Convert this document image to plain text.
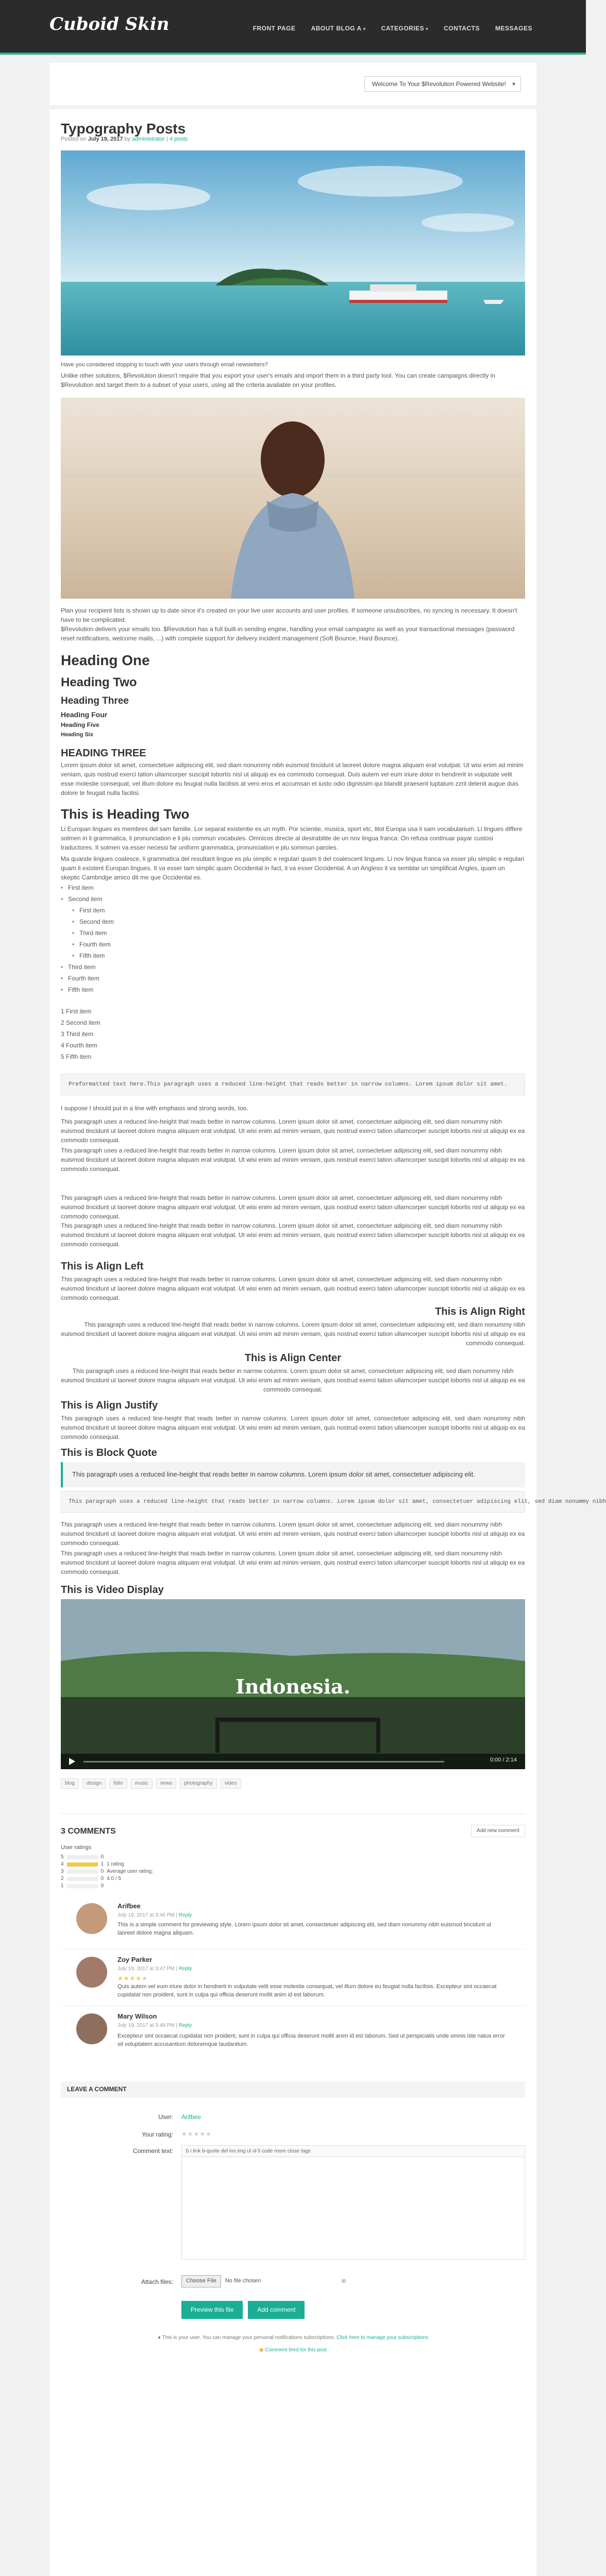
Cuboid Skin	FRONT PAGE	ABOUT BLOG A ▾	CATEGORIES ▾	CONTACTS	MESSAGES
Welcome To Your $Revolution Powered Website! ▾
Typography Posts
Posted on July 19, 2017 by administrator | 4 posts
Have you considered stopping to touch with your users through email newsletters?
Unlike other solutions, $Revolution doesn't require that you export your user's emails and import them in a third party tool. You can create campaigns directly in $Revolution and target them to a subset of your users, using all the criteria available on your profiles.
Plan your recipient lists is shown up to date since it's created on your live user accounts and user profiles. If someone unsubscribes, no syncing is necessary. It doesn't have to be complicated.
$Revolution delivers your emails too. $Revolution has a full built-in sending engine, handling your email campaigns as well as your transactional messages (password reset notifications, welcome mails, ...) with complete support for delivery incident management (Soft Bounce, Hard Bounce).
Heading One
Heading Two
Heading Three
Heading Four
Heading Five
Heading Six
HEADING THREE
Lorem ipsum dolor sit amet, consectetuer adipiscing elit, sed diam nonummy nibh euismod tincidunt ut laoreet dolore magna aliquam erat volutpat. Ut wisi enim ad minim veniam, quis nostrud exerci tation ullamcorper suscipit lobortis nisl ut aliquip ex ea commodo consequat. Duis autem vel eum iriure dolor in hendrerit in vulputate velit esse molestie consequat, vel illum dolore eu feugiat nulla facilisis at vero eros et accumsan et iusto odio dignissim qui blandit praesent luptatum zzril delenit augue duis dolore te feugait nulla facilisi.
This is Heading Two
Li Europan lingues es membres del sam familie. Lor separat existentie es un myth. Por scientie, musica, sport etc, litot Europa usa li sam vocabularium. Li lingues differe solmen in li grammatica, li pronunciation e li plu commun vocabules. Omnicos directe al desirabilite de un nov lingua franca: On refusa continuar payar custosi traductores. It solmen va esser necessi far uniform grammatica, pronunciation e plu sommun paroles.
Ma quande lingues coalesce, li grammatica del resultant lingue es plu simplic e regulari quam ti del coalescent lingues. Li nov lingua franca va esser plu simplic e regulari quam li existent Europan lingues. It va esser tam simplic quam Occidental in fact, it va esser Occidental. A un Angleso it va semblar un simplificat Angles, quam un skeptic Cambridge amico dit me que Occidental es.
• First item
• Second item
• First item
• Second item
• Third item
• Fourth item
• Fifth item
• Third item
• Fourth item
• Fifth item
1 First item
2 Second item
3 Third item
4 Fourth item
5 Fifth item
Preformatted text here.This paragraph uses a reduced line-height that reads better in narrow columns. Lorem ipsum dolor sit amet.
I suppose I should put in a line with emphasis and strong words, too.
This paragraph uses a reduced line-height that reads better in narrow columns. Lorem ipsum dolor sit amet, consectetuer adipiscing elit, sed diam nonummy nibh euismod tincidunt ut laoreet dolore magna aliquam erat volutpat. Ut wisi enim ad minim veniam, quis nostrud exerci tation ullamcorper suscipit lobortis nisl ut aliquip ex ea commodo consequat.
This paragraph uses a reduced line-height that reads better in narrow columns. Lorem ipsum dolor sit amet, consectetuer adipiscing elit, sed diam nonummy nibh euismod tincidunt ut laoreet dolore magna aliquam erat volutpat. Ut wisi enim ad minim veniam, quis nostrud exerci tation ullamcorper suscipit lobortis nisl ut aliquip ex ea commodo consequat.
This paragraph uses a reduced line-height that reads better in narrow columns. Lorem ipsum dolor sit amet, consectetuer adipiscing elit, sed diam nonummy nibh euismod tincidunt ut laoreet dolore magna aliquam erat volutpat. Ut wisi enim ad minim veniam, quis nostrud exerci tation ullamcorper suscipit lobortis nisl ut aliquip ex ea commodo consequat.
This paragraph uses a reduced line-height that reads better in narrow columns. Lorem ipsum dolor sit amet, consectetuer adipiscing elit, sed diam nonummy nibh euismod tincidunt ut laoreet dolore magna aliquam erat volutpat. Ut wisi enim ad minim veniam, quis nostrud exerci tation ullamcorper suscipit lobortis nisl ut aliquip ex ea commodo consequat.
This is Align Left
This paragraph uses a reduced line-height that reads better in narrow columns. Lorem ipsum dolor sit amet, consectetuer adipiscing elit, sed diam nonummy nibh euismod tincidunt ut laoreet dolore magna aliquam erat volutpat. Ut wisi enim ad minim veniam, quis nostrud exerci tation ullamcorper suscipit lobortis nisl ut aliquip ex ea commodo consequat.
This is Align Right
This paragraph uses a reduced line-height that reads better in narrow columns. Lorem ipsum dolor sit amet, consectetuer adipiscing elit, sed diam nonummy nibh euismod tincidunt ut laoreet dolore magna aliquam erat volutpat. Ut wisi enim ad minim veniam, quis nostrud exerci tation ullamcorper suscipit lobortis nisl ut aliquip ex ea commodo consequat.
This is Align Center
This paragraph uses a reduced line-height that reads better in narrow columns. Lorem ipsum dolor sit amet, consectetuer adipiscing elit, sed diam nonummy nibh euismod tincidunt ut laoreet dolore magna aliquam erat volutpat. Ut wisi enim ad minim veniam, quis nostrud exerci tation ullamcorper suscipit lobortis nisl ut aliquip ex ea commodo consequat.
This is Align Justify
This paragraph uses a reduced line-height that reads better in narrow columns. Lorem ipsum dolor sit amet, consectetuer adipiscing elit, sed diam nonummy nibh euismod tincidunt ut laoreet dolore magna aliquam erat volutpat. Ut wisi enim ad minim veniam, quis nostrud exerci tation ullamcorper suscipit lobortis nisl ut aliquip ex ea commodo consequat.
This is Block Quote
This paragraph uses a reduced line-height that reads better in narrow columns. Lorem ipsum dolor sit amet, consectetuer adipiscing elit.
This paragraph uses a reduced line-height that reads better in narrow columns. Lorem ipsum dolor sit amet, consectetuer adipiscing elit, sed diam nonummy nibh
This paragraph uses a reduced line-height that reads better in narrow columns. Lorem ipsum dolor sit amet, consectetuer adipiscing elit, sed diam nonummy nibh euismod tincidunt ut laoreet dolore magna aliquam erat volutpat. Ut wisi enim ad minim veniam, quis nostrud exerci tation ullamcorper suscipit lobortis nisl ut aliquip ex ea commodo consequat.
This paragraph uses a reduced line-height that reads better in narrow columns. Lorem ipsum dolor sit amet, consectetuer adipiscing elit, sed diam nonummy nibh euismod tincidunt ut laoreet dolore magna aliquam erat volutpat. Ut wisi enim ad minim veniam, quis nostrud exerci tation ullamcorper suscipit lobortis nisl ut aliquip ex ea commodo consequat.
This is Video Display
Indonesia.
0:00 / 2:14
blog	design	folio	music	news	photography	video
3 COMMENTS	Add new comment
User ratings
5	0
4	1 1 rating
3	0 Average user rating:
2	0 4.0 / 5
1	0
Arifbee
July 19, 2017 at 3:46 PM | Reply
This is a simple comment for previewing style. Lorem ipsum dolor sit amet, consectetuer adipiscing elit, sed diam nonummy nibh euismod tincidunt ut laoreet dolore magna aliquam.
Zoy Parker
July 19, 2017 at 3:47 PM | Reply
★★★★★
Quis autem vel eum iriure dolor in hendrerit in vulputate velit esse molestie consequat, vel illum dolore eu feugiat nulla facilisis. Excepteur sint occaecat cupidatat non proident, sunt in culpa qui officia deserunt mollit anim id est laborum.
Mary Wilson
July 19, 2017 at 3:48 PM | Reply
Excepteur sint occaecat cupidatat non proident, sunt in culpa qui officia deserunt mollit anim id est laborum. Sed ut perspiciatis unde omnis iste natus error sit voluptatem accusantium doloremque laudantium.
LEAVE A COMMENT
User: Arifbee
Your rating: ★★★★★
Comment text:	b i link b-quote del ins img ul ol li code more close tags
Attach files:	Choose File	No file chosen	⊗
Preview this file	Add comment
● This is your user. You can manage your personal notifications subscriptions. Click here to manage your subscriptions
◉ Comment feed for this post
